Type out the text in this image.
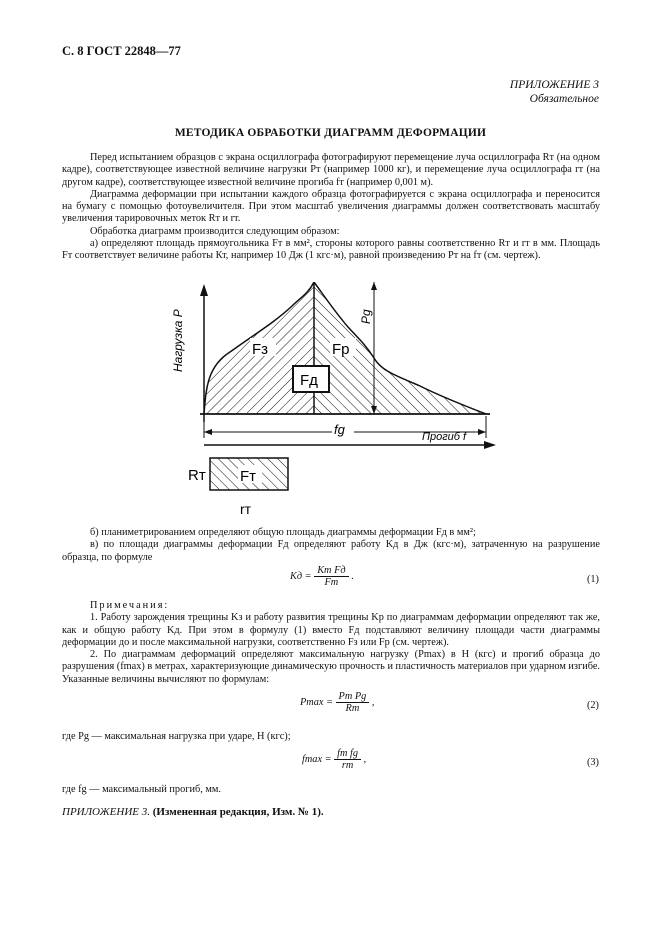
С. 8 ГОСТ 22848—77
ПРИЛОЖЕНИЕ 3
Обязательное
МЕТОДИКА ОБРАБОТКИ ДИАГРАММ ДЕФОРМАЦИИ

Перед испытанием образцов с экрана осциллографа фотографируют перемещение луча осциллографа Rт (на одном кадре), соответствующее известной величине нагрузки Pт (например 1000 кг), и перемещение луча осциллографа rт (на другом кадре), соответствующее известной величине прогиба fт (например 0,001 м).

Диаграмма деформации при испытании каждого образца фотографируется с экрана осциллографа и переносится на бумагу с помощью фотоувеличителя. При этом масштаб увеличения диаграммы должен соответствовать масштабу увеличения тарировочных меток Rт и rт.

Обработка диаграмм производится следующим образом:

а) определяют площадь прямоугольника Fт в мм², стороны которого равны соответственно Rт и rт в мм. Площадь Fт соответствует величине работы Кт, например 10 Дж (1 кгс·м), равной произведению Pт на fт (см. чертеж).

Нагрузка P	Pg
Fз	Fр
Fд
fg	Прогиб f
Fт
Rт
rт

б) планиметрированием определяют общую площадь диаграммы деформации Fд в мм²;

в) по площади диаграммы деформации Fд определяют работу Kд в Дж (кгс·м), затраченную на разрушение образца, по формуле

Kд = $\frac{\text{Kт Fд}}{Fт}$ .	(1)

Примечания:

1. Работу зарождения трещины Kз и работу развития трещины Kр по диаграммам деформации определяют так же, как и общую работу Kд. При этом в формулу (1) вместо Fд подставляют величину площади части диаграммы деформации до и после максимальной нагрузки, соответственно Fз или Fр (см. чертеж).

2. По диаграммам деформаций определяют максимальную нагрузку (Pmax) в Н (кгс) и прогиб образца до разрушения (fmax) в метрах, характеризующие динамическую прочность и пластичность материалов при ударном изгибе. Указанные величины вычисляют по формулам:

$Pmax = \frac{\text{Pт Pg}}{Rт}$ ,	(2)
где Pg — максимальная нагрузка при ударе, Н (кгс);
$fmax = \frac{\text{fт fg}}{rт}$ ,	(3)
где fg — максимальный прогиб, мм.
ПРИЛОЖЕНИЕ 3. (Измененная редакция, Изм. № 1).
